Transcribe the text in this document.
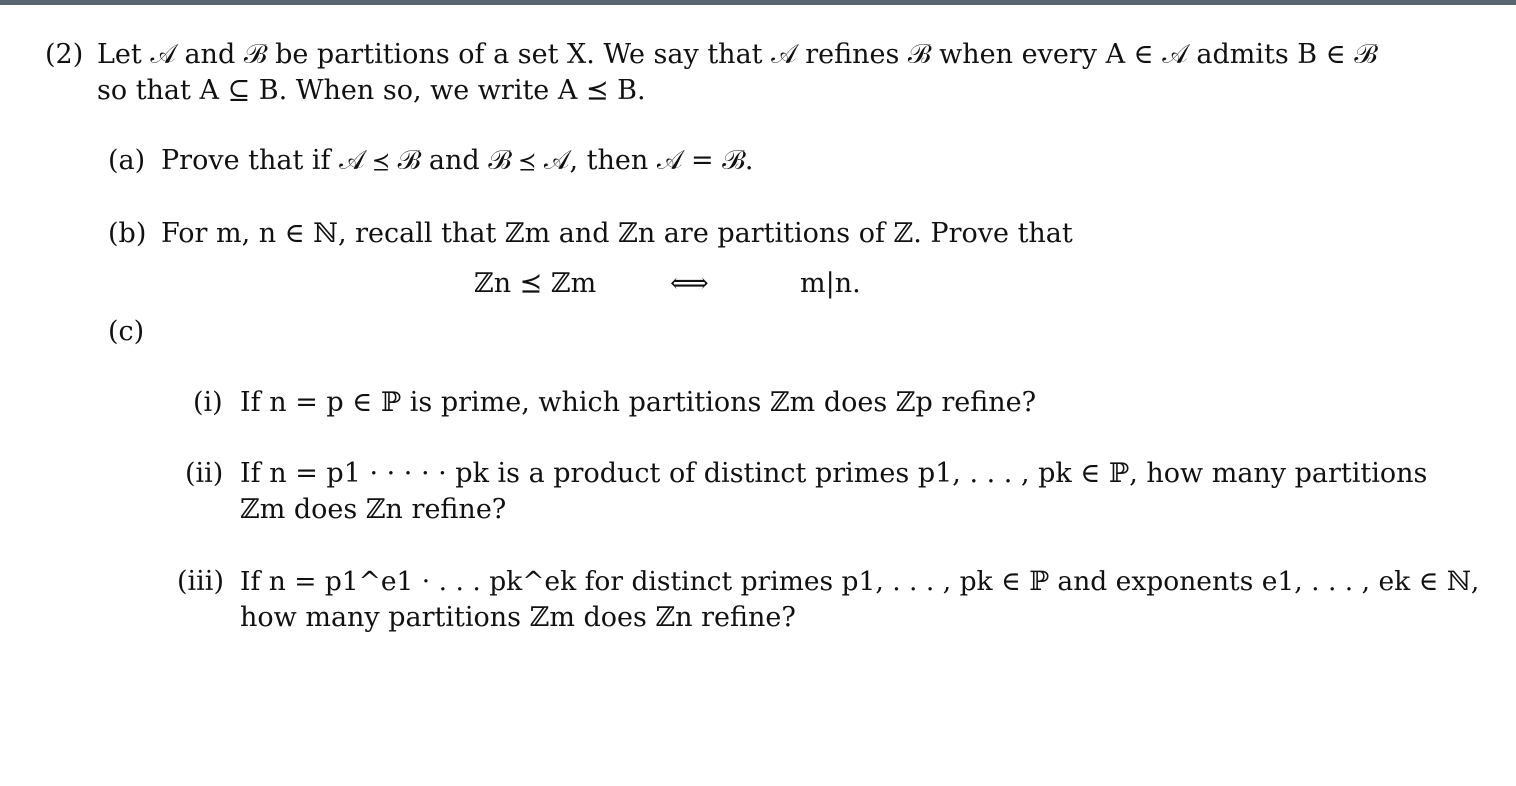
(2) Let 𝒜 and ℬ be partitions of a set X. We say that 𝒜 refines ℬ when every A ∈ 𝒜 admits B ∈ ℬ
so that A ⊆ B. When so, we write A ⪯ B.
(a) Prove that if 𝒜 ⪯ ℬ and ℬ ⪯ 𝒜, then 𝒜 = ℬ.
(b) For m, n ∈ ℕ, recall that ℤm and ℤn are partitions of ℤ. Prove that
ℤn ⪯ ℤm	⟺	m|n.
(c)
(i) If n = p ∈ ℙ is prime, which partitions ℤm does ℤp refine?
(ii) If n = p1 · · · · · pk is a product of distinct primes p1, . . . , pk ∈ ℙ, how many partitions
ℤm does ℤn refine?
(iii) If n = p1^e1 · . . . pk^ek for distinct primes p1, . . . , pk ∈ ℙ and exponents e1, . . . , ek ∈ ℕ,
how many partitions ℤm does ℤn refine?
